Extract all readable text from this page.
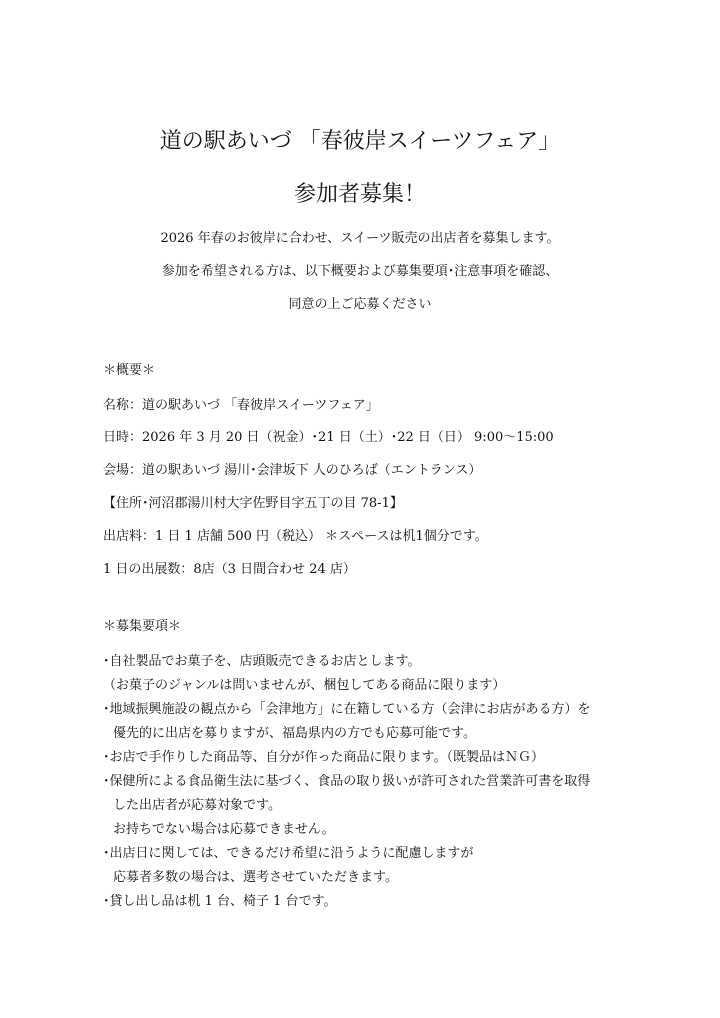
道の駅あいづ 「春彼岸スイーツフェア」
参加者募集！

2026 年春のお彼岸に合わせ、スイーツ販売の出店者を募集します。

参加を希望される方は、以下概要および募集要項･注意事項を確認、

同意の上ご応募ください

＊概要＊

名称：道の駅あいづ 「春彼岸スイーツフェア」

日時：2026 年 3 月 20 日（祝金）･21 日（土）･22 日（日） 9:00～15:00

会場：道の駅あいづ 湯川･会津坂下 人のひろば（エントランス）

【住所･河沼郡湯川村大字佐野目字五丁の目 78-1】

出店料：1 日 1 店舗 500 円（税込） ＊スペースは机1個分です。

1 日の出展数：8店（3 日間合わせ 24 店）

＊募集要項＊

･自社製品でお菓子を、店頭販売できるお店とします。

（お菓子のジャンルは問いませんが、梱包してある商品に限ります）

･地域振興施設の観点から「会津地方」に在籍している方（会津にお店がある方）を

優先的に出店を募りますが、福島県内の方でも応募可能です。

･お店で手作りした商品等、自分が作った商品に限ります。（既製品はＮＧ）

･保健所による食品衛生法に基づく、食品の取り扱いが許可された営業許可書を取得

した出店者が応募対象です。

お持ちでない場合は応募できません。

･出店日に関しては、できるだけ希望に沿うように配慮しますが

応募者多数の場合は、選考させていただきます。

･貸し出し品は机 1 台、椅子 1 台です。
